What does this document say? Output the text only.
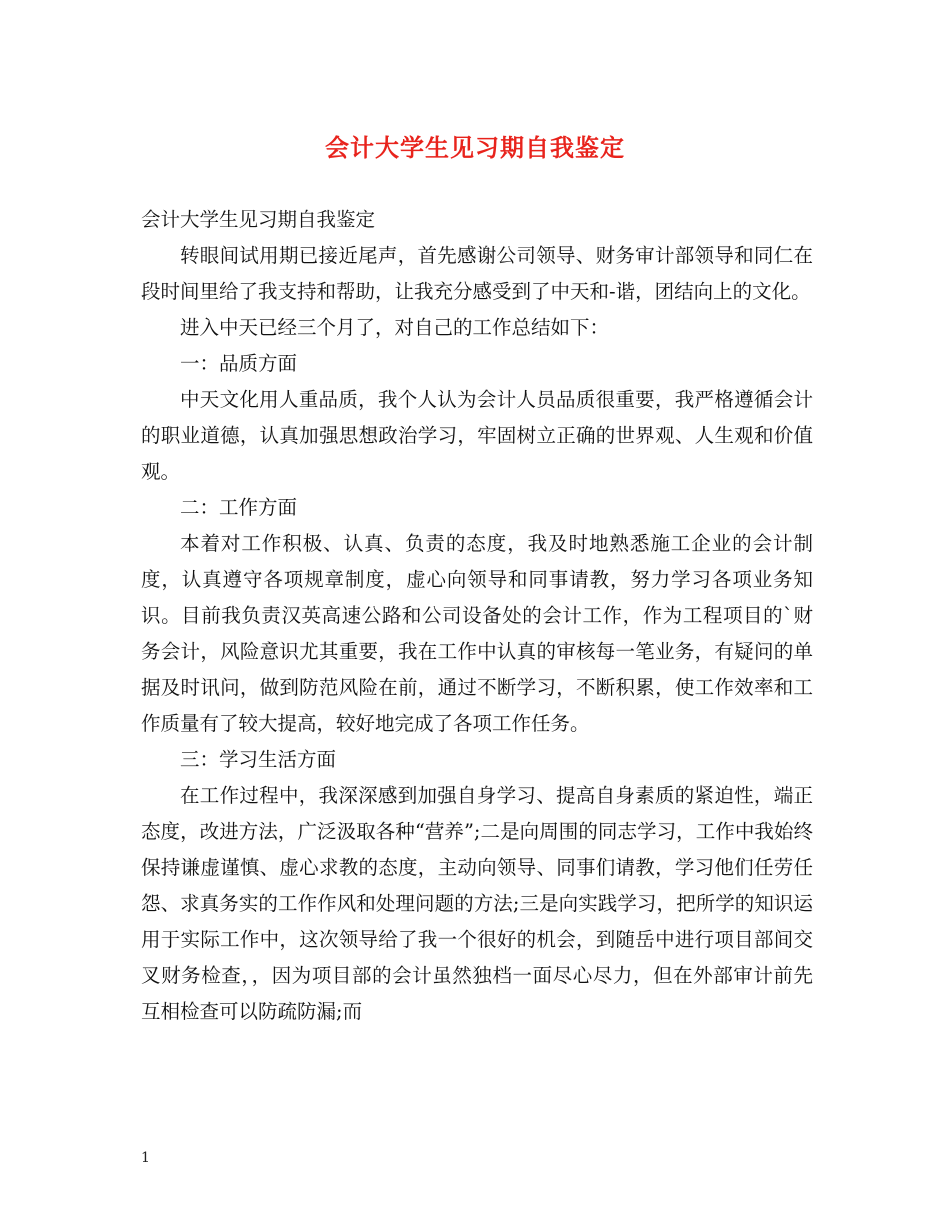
会计大学生见习期自我鉴定

会计大学生见习期自我鉴定

转眼间试用期已接近尾声，首先感谢公司领导、财务审计部领导和同仁在段时间里给了我支持和帮助，让我充分感受到了中天和-谐，团结向上的文化。

进入中天已经三个月了，对自己的工作总结如下：

一：品质方面

中天文化用人重品质，我个人认为会计人员品质很重要，我严格遵循会计的职业道德，认真加强思想政治学习，牢固树立正确的世界观、人生观和价值观。

二：工作方面

本着对工作积极、认真、负责的态度，我及时地熟悉施工企业的会计制度，认真遵守各项规章制度，虚心向领导和同事请教，努力学习各项业务知识。目前我负责汉英高速公路和公司设备处的会计工作，作为工程项目的`财务会计，风险意识尤其重要，我在工作中认真的审核每一笔业务，有疑问的单据及时讯问，做到防范风险在前，通过不断学习，不断积累，使工作效率和工作质量有了较大提高，较好地完成了各项工作任务。

三：学习生活方面

在工作过程中，我深深感到加强自身学习、提高自身素质的紧迫性，端正态度，改进方法，广泛汲取各种“营养”;二是向周围的同志学习，工作中我始终保持谦虚谨慎、虚心求教的态度，主动向领导、同事们请教，学习他们任劳任怨、求真务实的工作作风和处理问题的方法;三是向实践学习，把所学的知识运用于实际工作中，这次领导给了我一个很好的机会，到随岳中进行项目部间交叉财务检查，，因为项目部的会计虽然独档一面尽心尽力，但在外部审计前先互相检查可以防疏防漏;而

1
